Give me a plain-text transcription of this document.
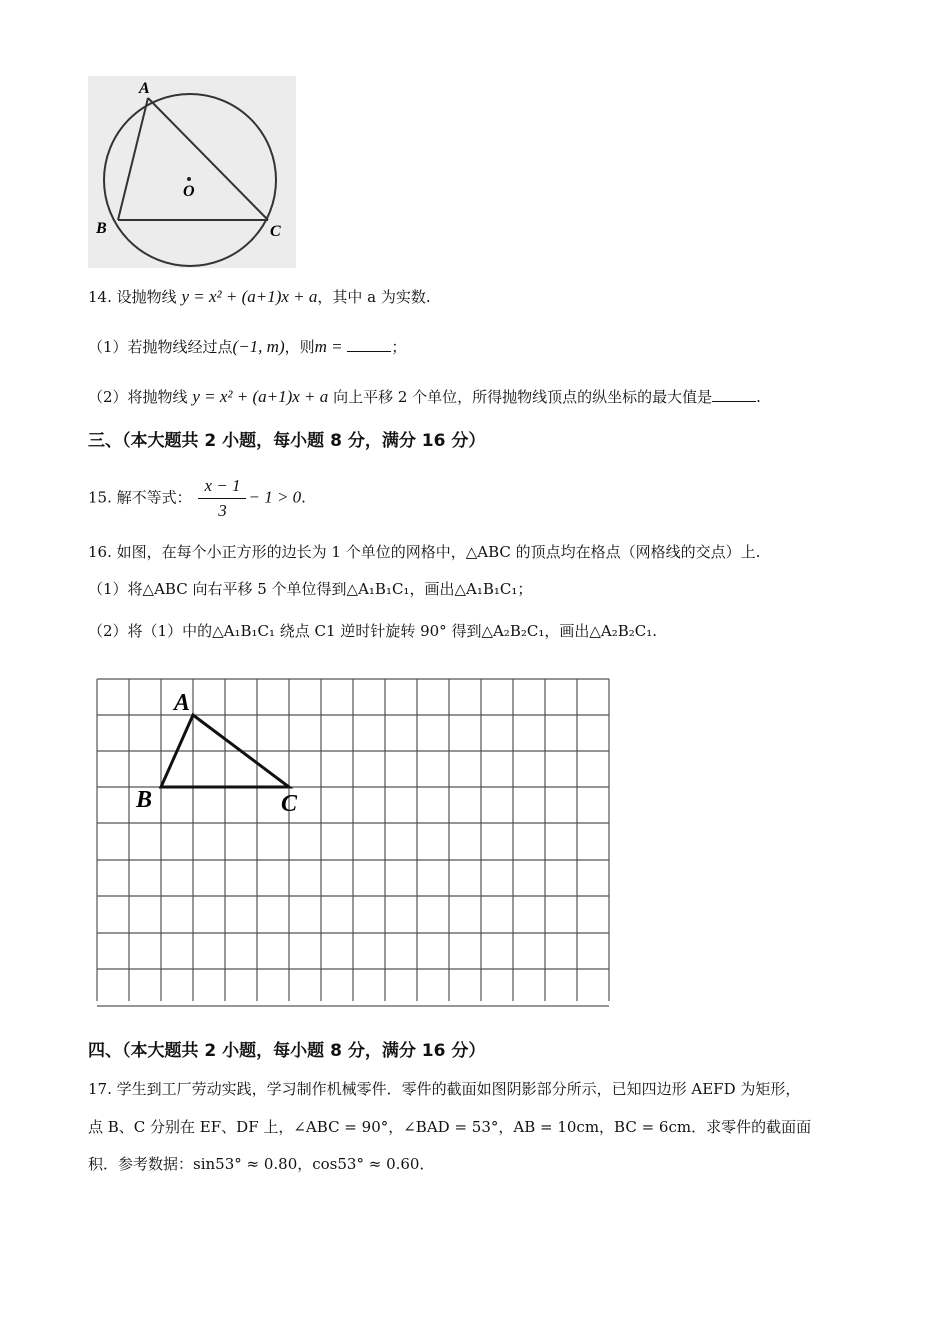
A
O
B	C
14. 设抛物线 y = x² + (a+1)x + a，其中 a 为实数.
（1）若抛物线经过点(−1, m)，则m =	；
（2）将抛物线 y = x² + (a+1)x + a 向上平移 2 个单位，所得抛物线顶点的纵坐标的最大值是	.
三、（本大题共 2 小题，每小题 8 分，满分 16 分）
15. 解不等式： $\frac{x - 1}{3} - 1 > 0$.
16. 如图，在每个小正方形的边长为 1 个单位的网格中，△ABC 的顶点均在格点（网格线的交点）上.
（1）将△ABC 向右平移 5 个单位得到△A₁B₁C₁，画出△A₁B₁C₁；
（2）将（1）中的△A₁B₁C₁ 绕点 C1 逆时针旋转 90° 得到△A₂B₂C₁，画出△A₂B₂C₁.
A
B	C
四、（本大题共 2 小题，每小题 8 分，满分 16 分）
17. 学生到工厂劳动实践，学习制作机械零件．零件的截面如图阴影部分所示，已知四边形 AEFD 为矩形，
点 B、C 分别在 EF、DF 上，∠ABC = 90°，∠BAD = 53°，AB = 10cm，BC = 6cm．求零件的截面面
积．参考数据：sin53° ≈ 0.80，cos53° ≈ 0.60．
